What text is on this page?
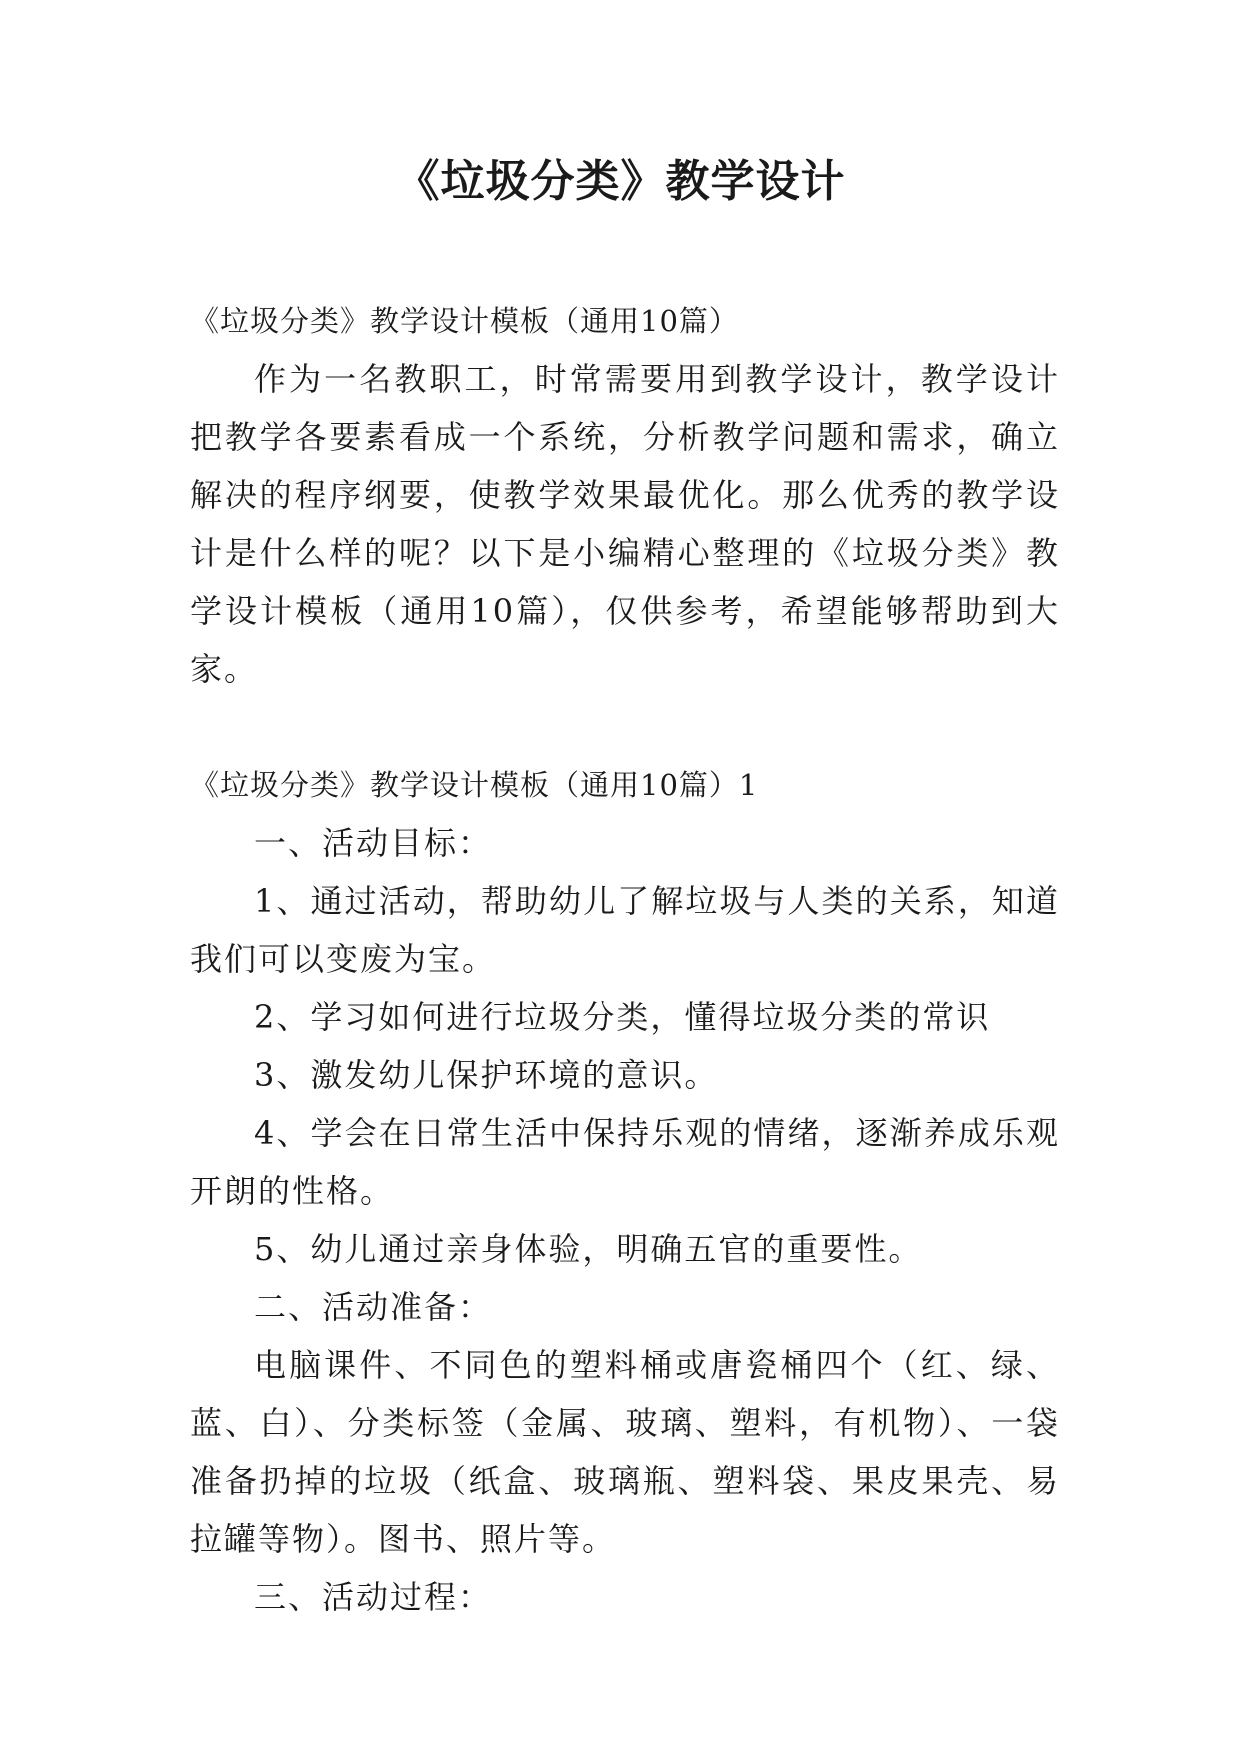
《垃圾分类》教学设计

《垃圾分类》教学设计模板（通用10篇）

作为一名教职工，时常需要用到教学设计，教学设计把教学各要素看成一个系统，分析教学问题和需求，确立解决的程序纲要，使教学效果最优化。那么优秀的教学设计是什么样的呢？以下是小编精心整理的《垃圾分类》教学设计模板（通用10篇），仅供参考，希望能够帮助到大家。

《垃圾分类》教学设计模板（通用10篇）1

一、活动目标：

1、通过活动，帮助幼儿了解垃圾与人类的关系，知道我们可以变废为宝。

2、学习如何进行垃圾分类，懂得垃圾分类的常识

3、激发幼儿保护环境的意识。

4、学会在日常生活中保持乐观的情绪，逐渐养成乐观开朗的性格。

5、幼儿通过亲身体验，明确五官的重要性。

二、活动准备：

电脑课件、不同色的塑料桶或唐瓷桶四个（红、绿、蓝、白）、分类标签（金属、玻璃、塑料，有机物）、一袋准备扔掉的垃圾（纸盒、玻璃瓶、塑料袋、果皮果壳、易拉罐等物）。图书、照片等。

三、活动过程：
